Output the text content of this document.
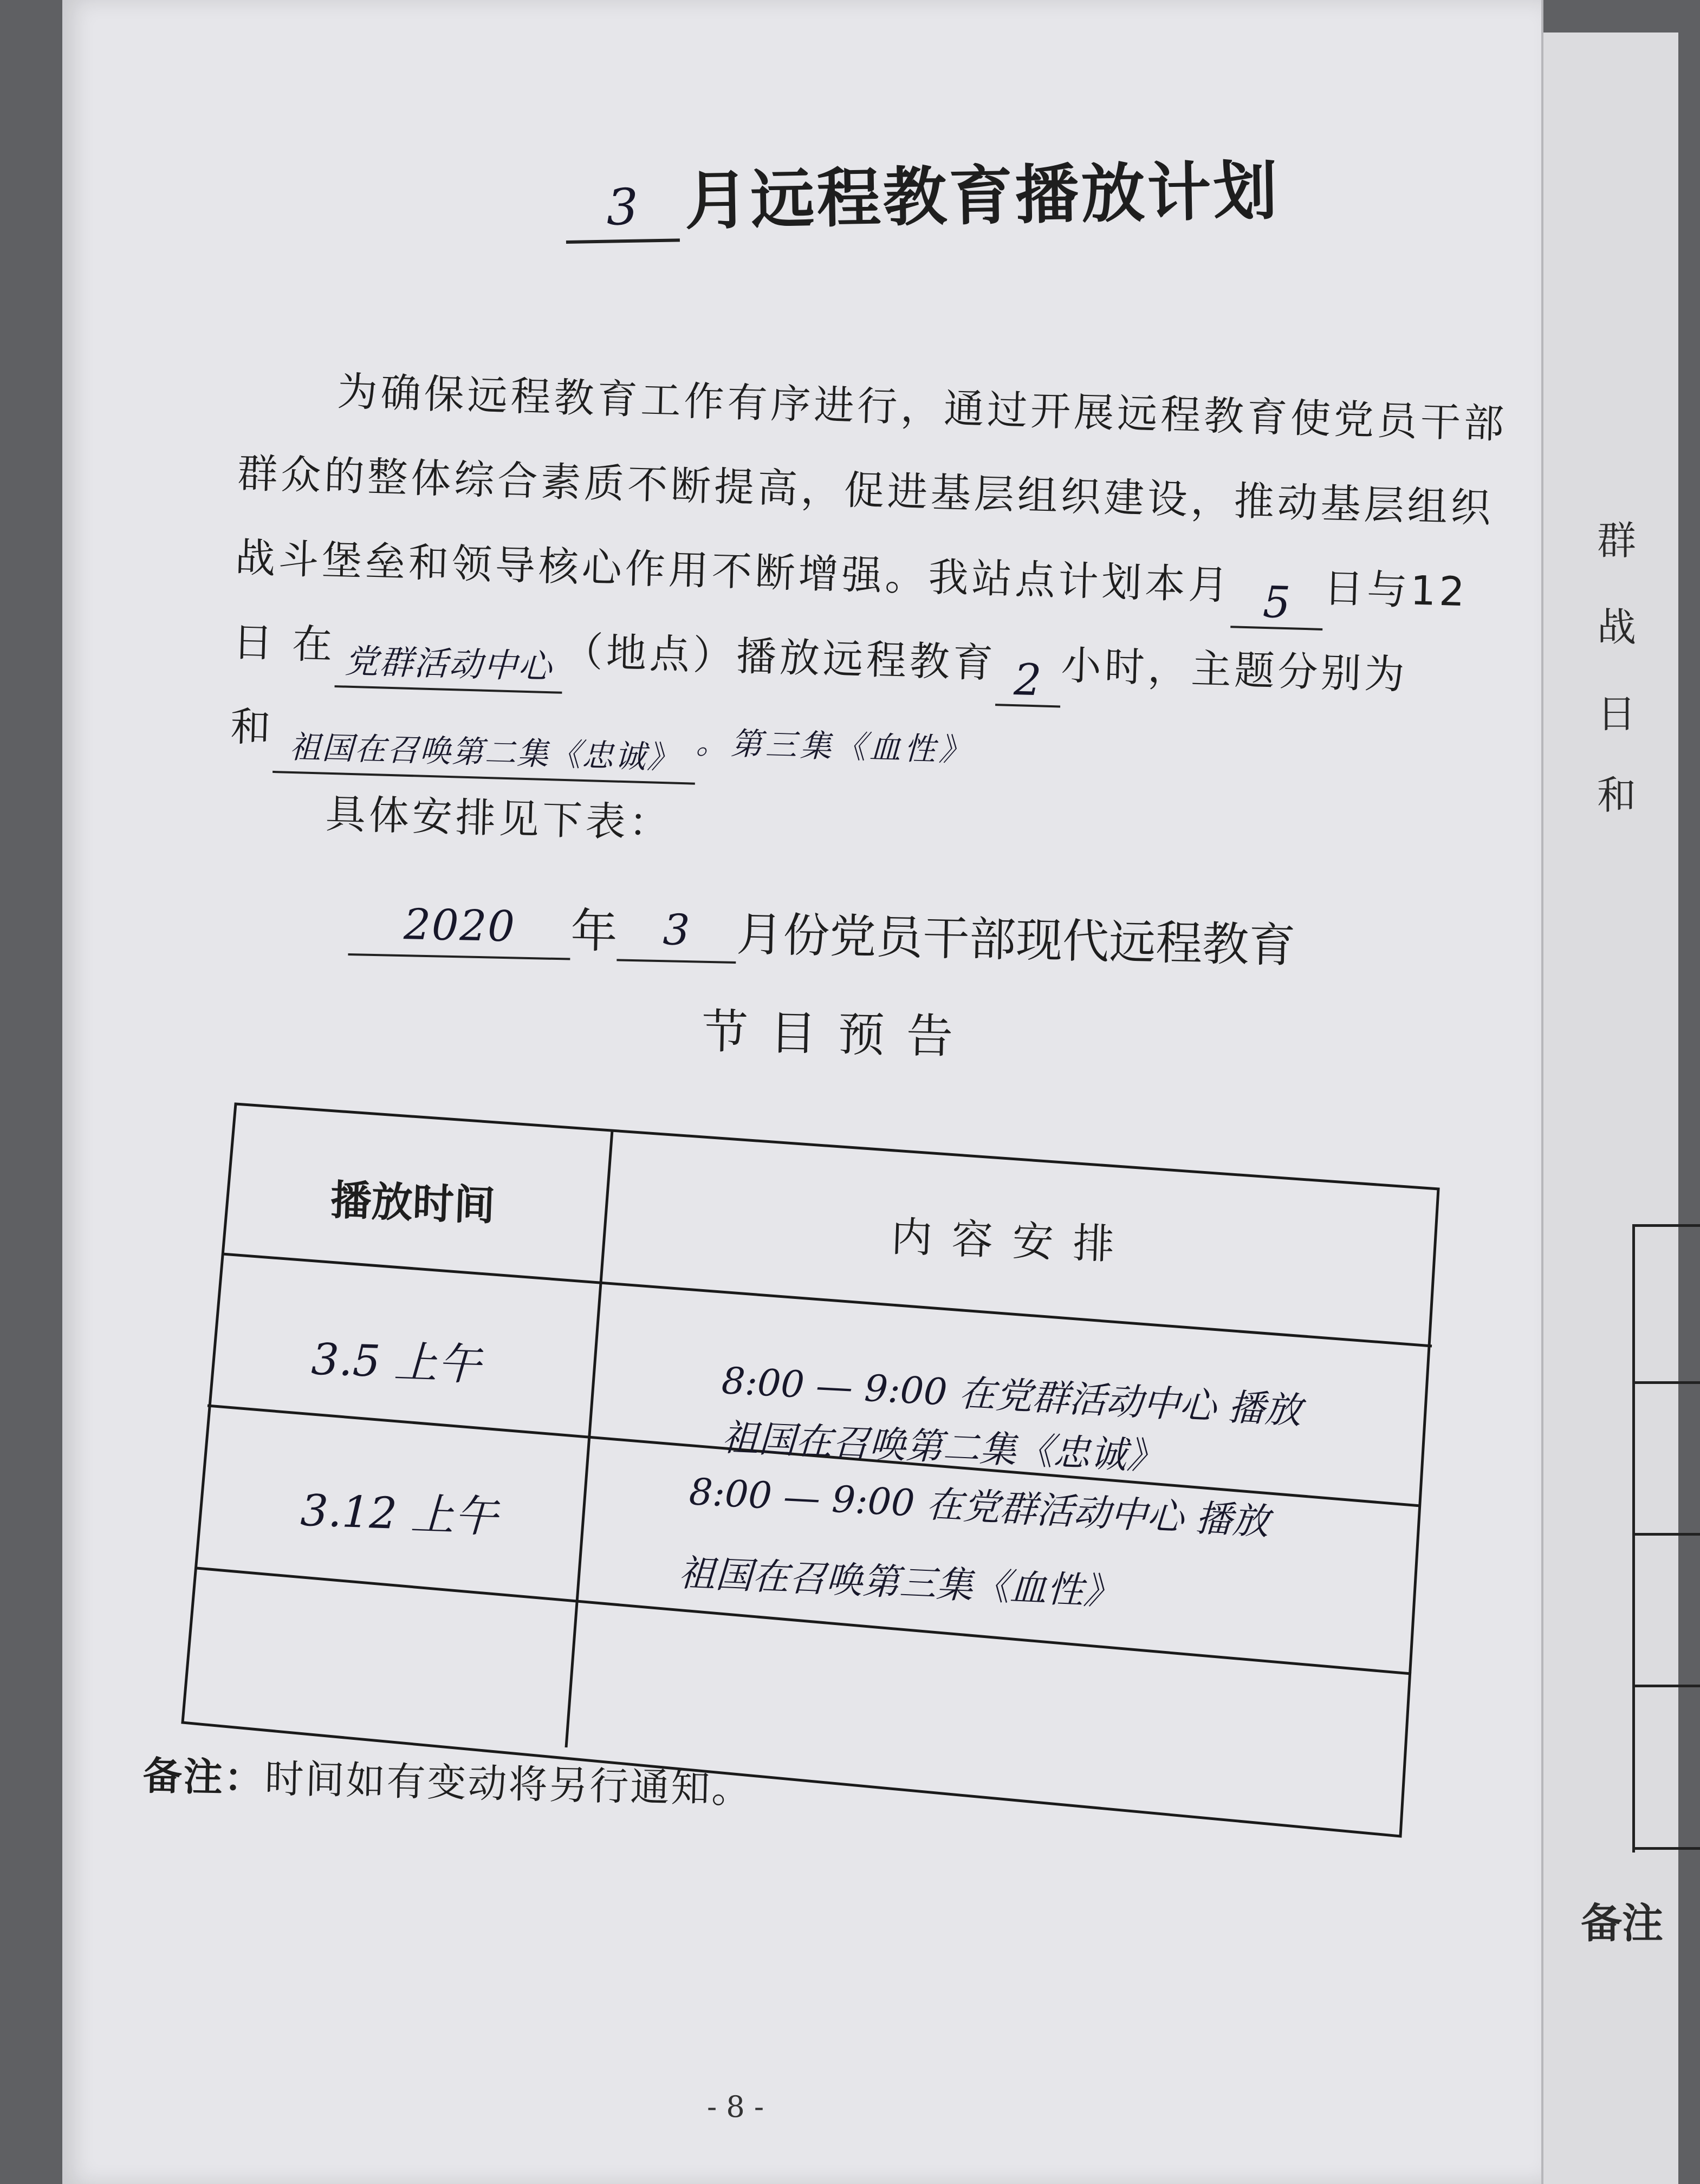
群
战
日
和
备注
3 月远程教育播放计划
为确保远程教育工作有序进行，通过开展远程教育使党员干部
群众的整体综合素质不断提高，促进基层组织建设，推动基层组织
战斗堡垒和领导核心作用不断增强。我站点计划本月 5 日与12
日 在 党群活动中心 （地点）播放远程教育 2 小时，主题分别为
和祖国在召唤第二集《忠诚》 。第三集《血性》
具体安排见下表：
2020 年 3 月份党员干部现代远程教育
节目预告
播放时间
内容安排
3.5 上午	8:00 — 9:00 在党群活动中心 播放
祖国在召唤第二集《忠诚》
3.12 上午	8:00 — 9:00 在党群活动中心 播放
祖国在召唤第三集《血性》
备注：时间如有变动将另行通知。
- 8 -
